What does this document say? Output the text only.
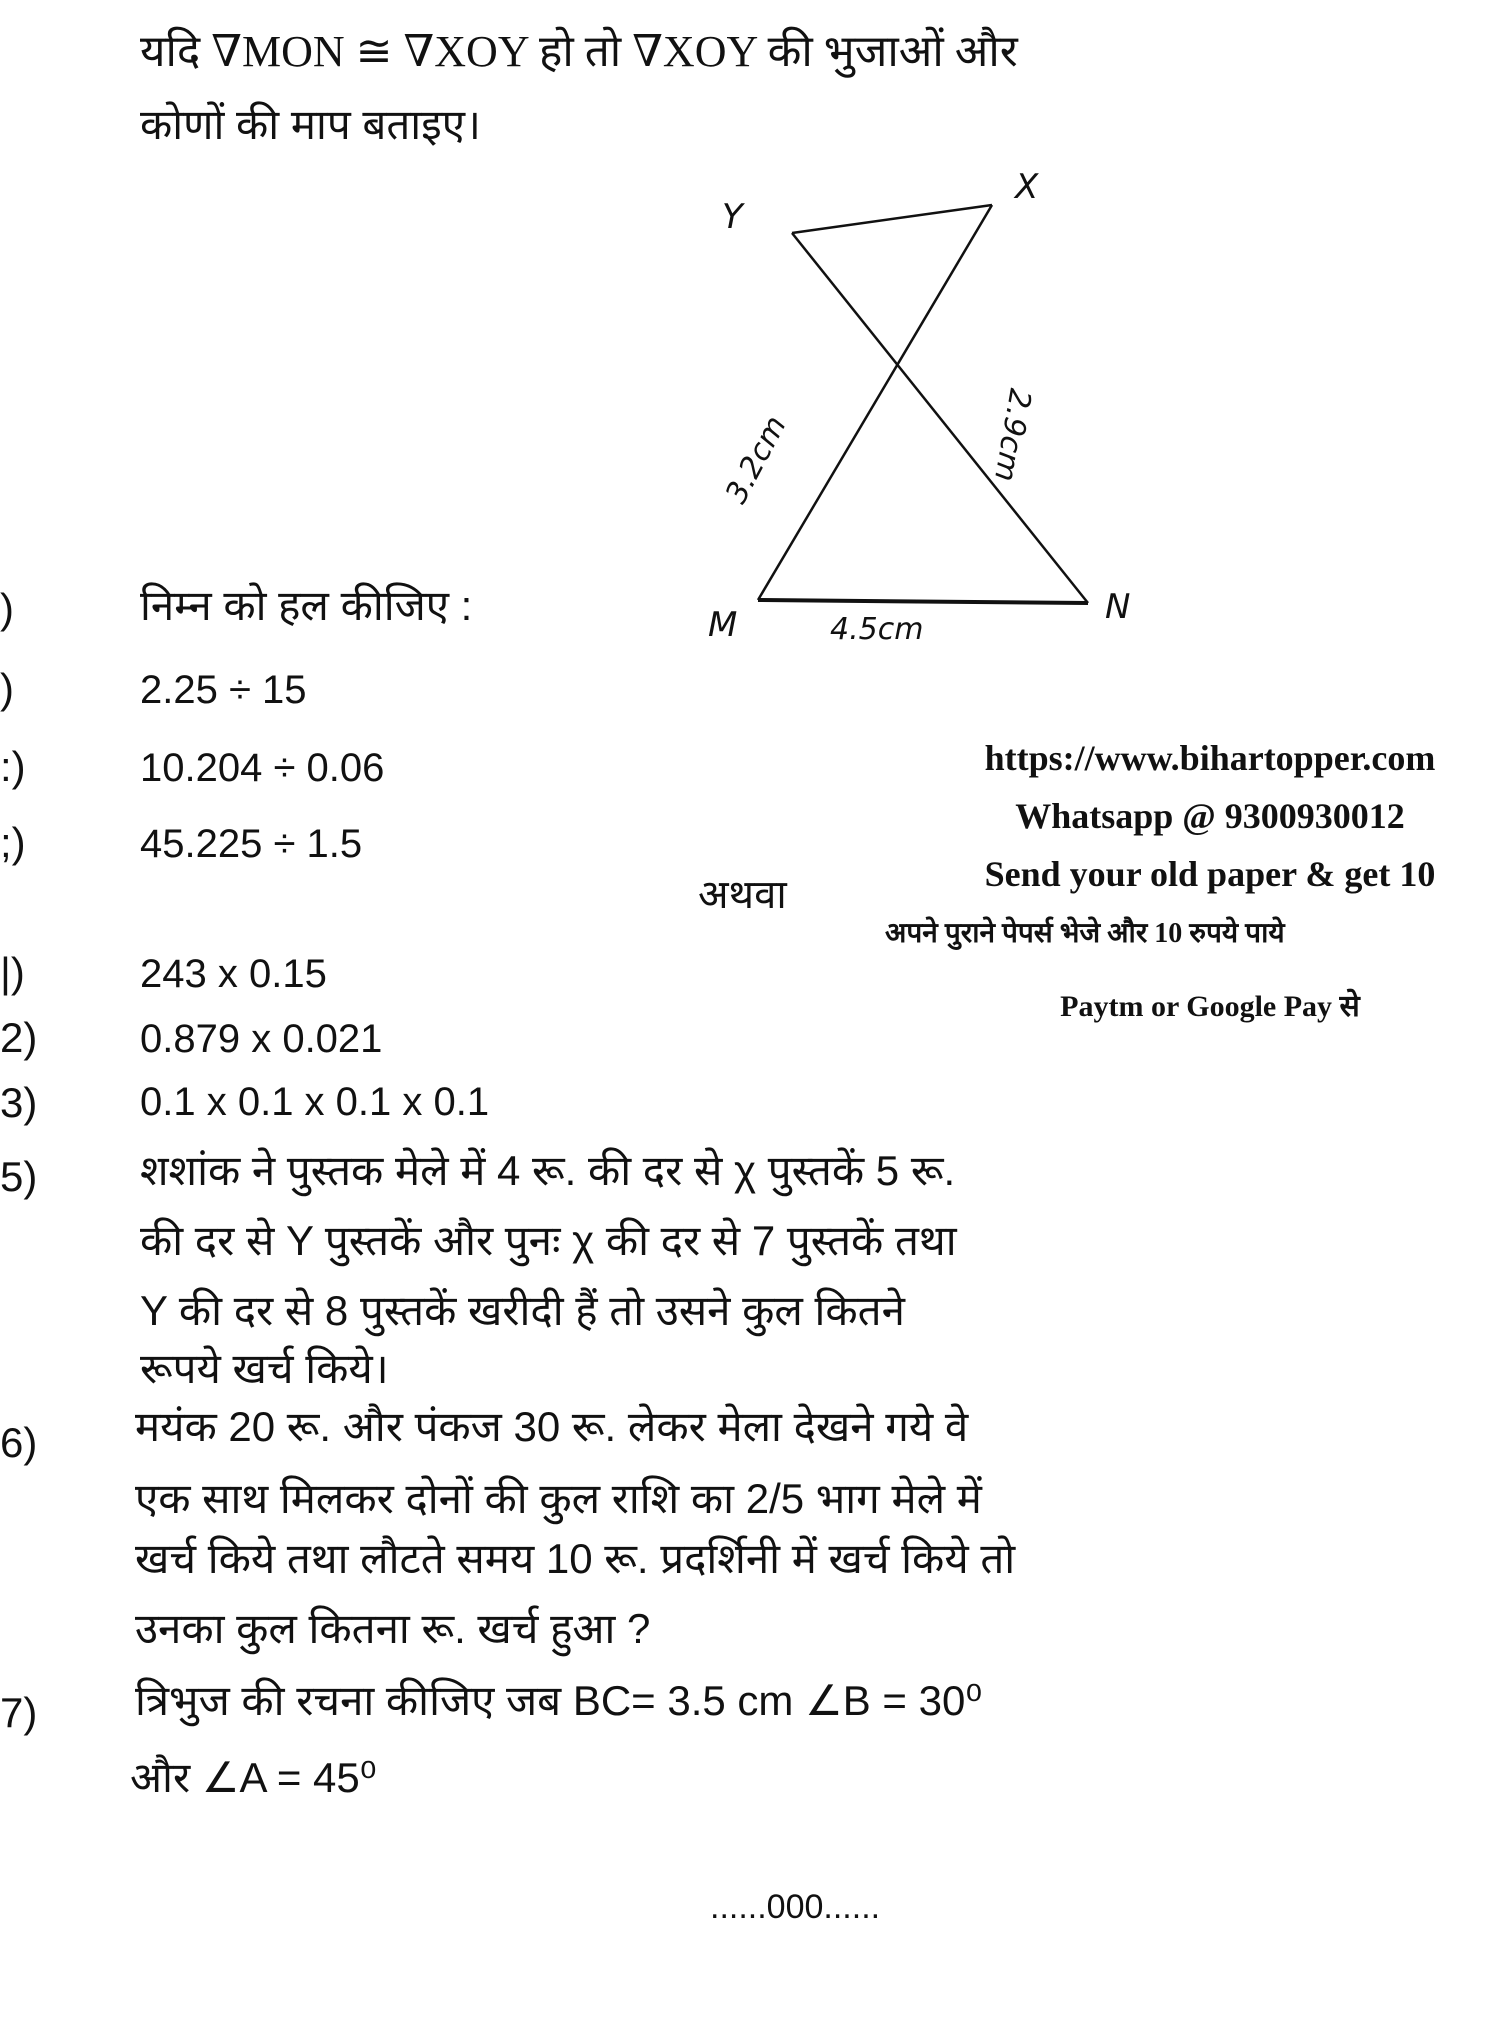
यदि ∇MON ≅ ∇XOY हो तो ∇XOY की भुजाओं और
कोणों की माप बताइए।
Y
X
M	N
3.2cm	2.9cm
4.5cm
)	निम्न को हल कीजिए :
)	2.25 ÷ 15
:)	10.204 ÷ 0.06
;)	45.225 ÷ 1.5
अथवा
|)	243 x 0.15
2)	0.879 x 0.021
3)	0.1 x 0.1 x 0.1 x 0.1
5) शशांक ने पुस्तक मेले में 4 रू. की दर से χ पुस्तकें 5 रू.
की दर से Y पुस्तकें और पुनः χ की दर से 7 पुस्तकें तथा
Y की दर से 8 पुस्तकें खरीदी हैं तो उसने कुल कितने
रूपये खर्च किये।
6) मयंक 20 रू. और पंकज 30 रू. लेकर मेला देखने गये वे
एक साथ मिलकर दोनों की कुल राशि का 2/5 भाग मेले में
खर्च किये तथा लौटते समय 10 रू. प्रदर्शिनी में खर्च किये तो
उनका कुल कितना रू. खर्च हुआ ?
7) त्रिभुज की रचना कीजिए जब BC= 3.5 cm ∠B = 30⁰
और ∠A = 45⁰
......000......
https://www.bihartopper.com
Whatsapp @ 9300930012
Send your old paper & get 10
अपने पुराने पेपर्स भेजे और 10 रुपये पाये
Paytm or Google Pay से
